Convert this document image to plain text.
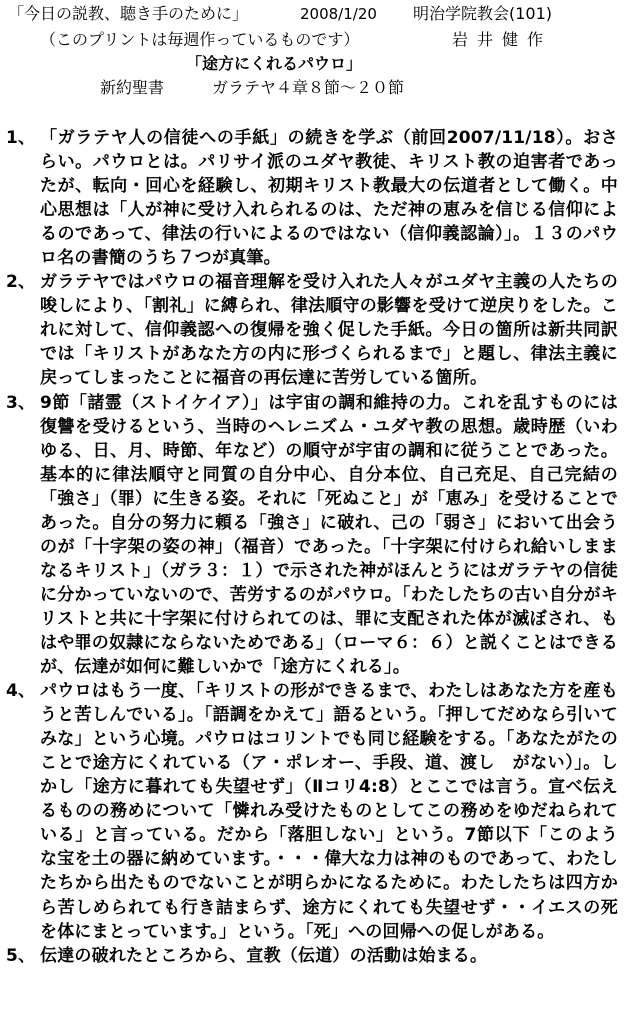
「今日の説教、聴き手のために」	2008/1/20 明治学院教会(101)
（このプリントは毎週作っているものです）	岩井健作
「途方にくれるパウロ」
新約聖書　　　ガラテヤ４章８節～２０節
1、 「ガラテヤ人の信徒への手紙」の続きを学ぶ（前回2007/11/18）。おさらい。パウロとは。パリサイ派のユダヤ教徒、キリスト教の迫害者であったが、転向・回心を経験し、初期キリスト教最大の伝道者として働く。中心思想は「人が神に受け入れられるのは、ただ神の恵みを信じる信仰によるのであって、律法の行いによるのではない（信仰義認論）」。１３のパウロ名の書簡のうち７つが真筆。
2、 ガラテヤではパウロの福音理解を受け入れた人々がユダヤ主義の人たちの唆しにより、「割礼」に縛られ、律法順守の影響を受けて逆戻りをした。これに対して、信仰義認への復帰を強く促した手紙。今日の箇所は新共同訳では「キリストがあなた方の内に形づくられるまで」と題し、律法主義に戻ってしまったことに福音の再伝達に苦労している箇所。
3、 9節「諸霊（ストイケイア）」は宇宙の調和維持の力。これを乱すものには復讐を受けるという、当時のヘレニズム・ユダヤ教の思想。歳時歴（いわゆる、日、月、時節、年など）の順守が宇宙の調和に従うことであった。基本的に律法順守と同質の自分中心、自分本位、自己充足、自己完結の「強さ」（罪）に生きる姿。それに「死ぬこと」が「恵み」を受けることであった。自分の努力に頼る「強さ」に破れ、己の「弱さ」において出会うのが「十字架の姿の神」（福音）であった。「十字架に付けられ給いしままなるキリスト」（ガラ３：１）で示された神がほんとうにはガラテヤの信徒に分かっていないので、苦労するのがパウロ。「わたしたちの古い自分がキリストと共に十字架に付けられてのは、罪に支配された体が滅ぼされ、もはや罪の奴隷にならないためである」（ローマ６：６）と説くことはできるが、伝達が如何に難しいかで「途方にくれる」。
4、 パウロはもう一度、「キリストの形ができるまで、わたしはあなた方を産もうと苦しんでいる」。「語調をかえて」語るという。「押してだめなら引いてみな」という心境。パウロはコリントでも同じ経験をする。「あなたがたのことで途方にくれている（ア・ポレオー、手段、道、渡し　がない）」。しかし「途方に暮れても失望せず」（Ⅱコリ4:8）とここでは言う。宣べ伝えるものの務めについて「憐れみ受けたものとしてこの務めをゆだねられている」と言っている。だから「落胆しない」という。7節以下「このような宝を土の器に納めています。・・・偉大な力は神のものであって、わたしたちから出たものでないことが明らかになるために。わたしたちは四方から苦しめられても行き詰まらず、途方にくれても失望せず・・イエスの死を体にまとっています。」という。「死」への回帰への促しがある。
5、 伝達の破れたところから、宣教（伝道）の活動は始まる。
